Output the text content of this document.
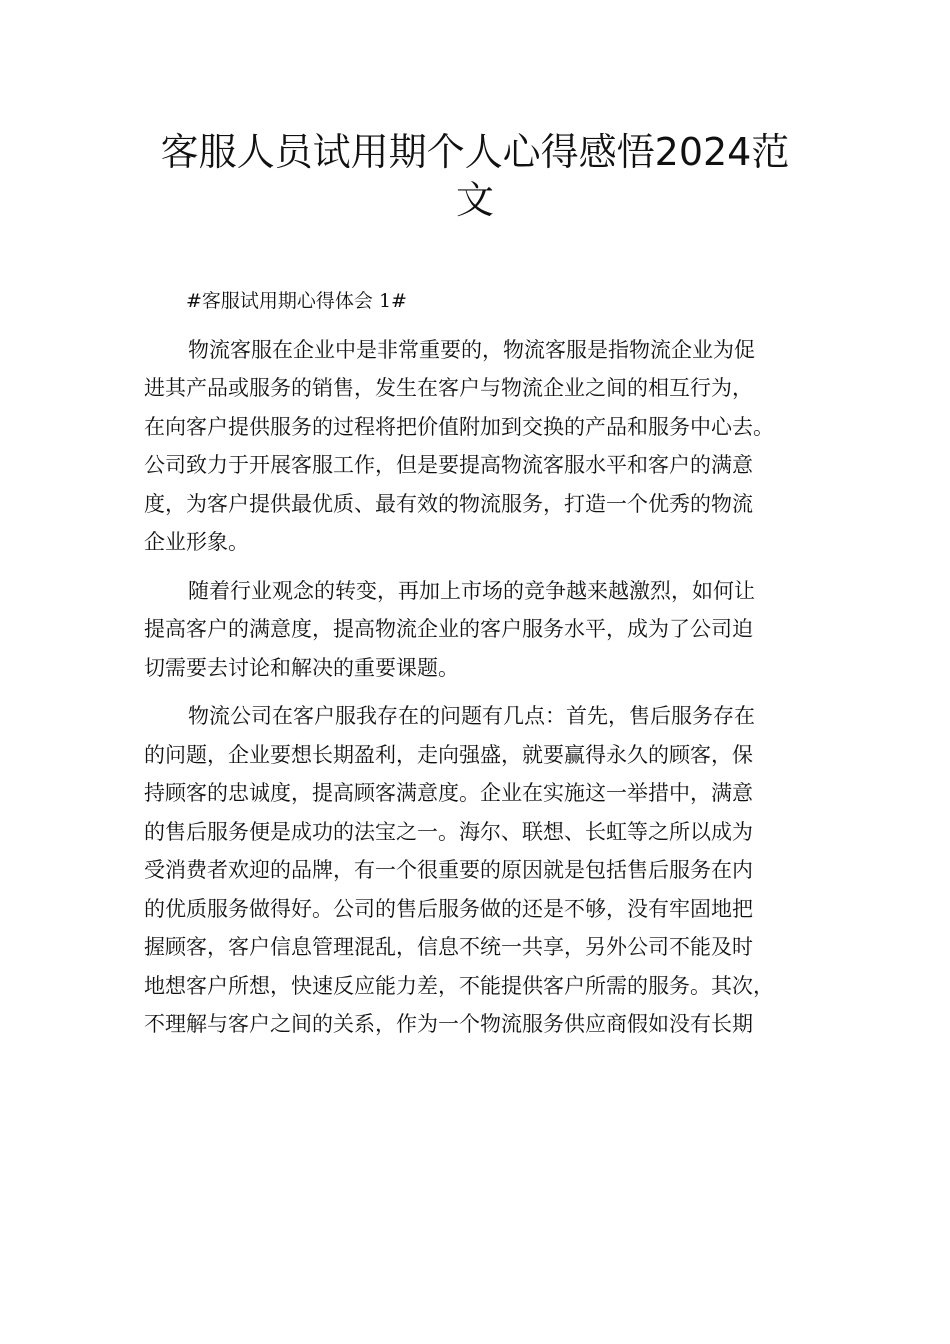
客服人员试用期个人心得感悟2024范
文
#客服试用期心得体会 1#
物流客服在企业中是非常重要的，物流客服是指物流企业为促
进其产品或服务的销售，发生在客户与物流企业之间的相互行为，
在向客户提供服务的过程将把价值附加到交换的产品和服务中心去。
公司致力于开展客服工作，但是要提高物流客服水平和客户的满意
度，为客户提供最优质、最有效的物流服务，打造一个优秀的物流
企业形象。
随着行业观念的转变，再加上市场的竞争越来越激烈，如何让
提高客户的满意度，提高物流企业的客户服务水平，成为了公司迫
切需要去讨论和解决的重要课题。
物流公司在客户服我存在的问题有几点：首先，售后服务存在
的问题，企业要想长期盈利，走向强盛，就要赢得永久的顾客，保
持顾客的忠诚度，提高顾客满意度。企业在实施这一举措中，满意
的售后服务便是成功的法宝之一。海尔、联想、长虹等之所以成为
受消费者欢迎的品牌，有一个很重要的原因就是包括售后服务在内
的优质服务做得好。公司的售后服务做的还是不够，没有牢固地把
握顾客，客户信息管理混乱，信息不统一共享，另外公司不能及时
地想客户所想，快速反应能力差，不能提供客户所需的服务。其次，
不理解与客户之间的关系，作为一个物流服务供应商假如没有长期
